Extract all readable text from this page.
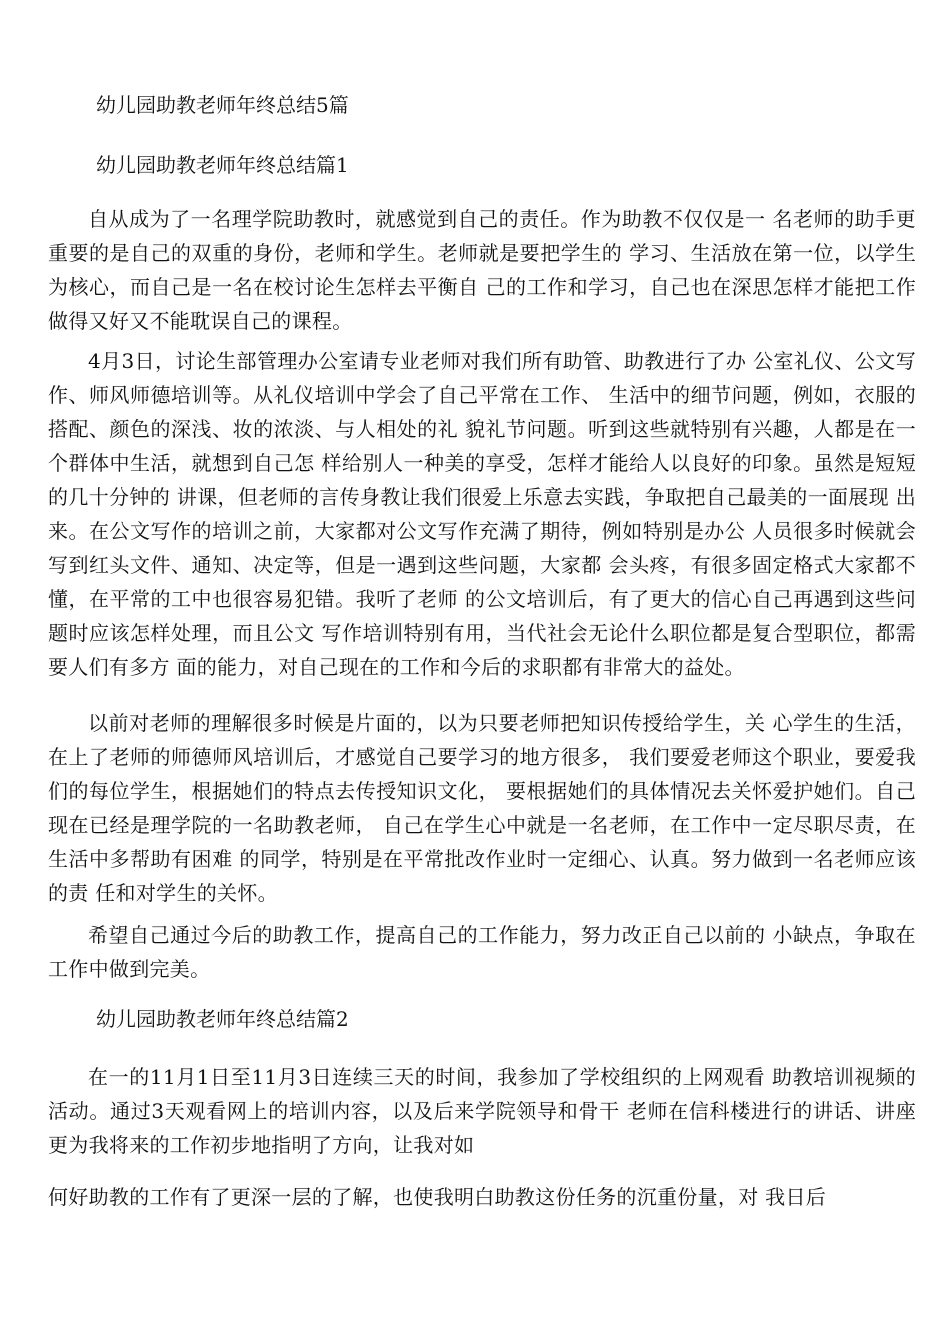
幼儿园助教老师年终总结5篇

幼儿园助教老师年终总结篇1

自从成为了一名理学院助教时，就感觉到自己的责任。作为助教不仅仅是一 名老师的助手更重要的是自己的双重的身份，老师和学生。老师就是要把学生的 学习、生活放在第一位，以学生为核心，而自己是一名在校讨论生怎样去平衡自 己的工作和学习，自己也在深思怎样才能把工作做得又好又不能耽误自己的课程。

4月3日，讨论生部管理办公室请专业老师对我们所有助管、助教进行了办 公室礼仪、公文写作、师风师德培训等。从礼仪培训中学会了自己平常在工作、 生活中的细节问题，例如，衣服的搭配、颜色的深浅、妆的浓淡、与人相处的礼 貌礼节问题。听到这些就特别有兴趣，人都是在一个群体中生活，就想到自己怎 样给别人一种美的享受，怎样才能给人以良好的印象。虽然是短短的几十分钟的 讲课，但老师的言传身教让我们很爱上乐意去实践，争取把自己最美的一面展现 出来。在公文写作的培训之前，大家都对公文写作充满了期待，例如特别是办公 人员很多时候就会写到红头文件、通知、决定等，但是一遇到这些问题，大家都 会头疼，有很多固定格式大家都不懂，在平常的工中也很容易犯错。我听了老师 的公文培训后，有了更大的信心自己再遇到这些问题时应该怎样处理，而且公文 写作培训特别有用，当代社会无论什么职位都是复合型职位，都需要人们有多方 面的能力，对自己现在的工作和今后的求职都有非常大的益处。

以前对老师的理解很多时候是片面的，以为只要老师把知识传授给学生，关 心学生的生活，在上了老师的师德师风培训后，才感觉自己要学习的地方很多， 我们要爱老师这个职业，要爱我们的每位学生，根据她们的特点去传授知识文化， 要根据她们的具体情况去关怀爱护她们。自己现在已经是理学院的一名助教老师， 自己在学生心中就是一名老师，在工作中一定尽职尽责，在生活中多帮助有困难 的同学，特别是在平常批改作业时一定细心、认真。努力做到一名老师应该的责 任和对学生的关怀。

希望自己通过今后的助教工作，提高自己的工作能力，努力改正自己以前的 小缺点，争取在工作中做到完美。

幼儿园助教老师年终总结篇2

在一的11月1日至11月3日连续三天的时间，我参加了学校组织的上网观看 助教培训视频的活动。通过3天观看网上的培训内容，以及后来学院领导和骨干 老师在信科楼进行的讲话、讲座更为我将来的工作初步地指明了方向，让我对如

何好助教的工作有了更深一层的了解，也使我明白助教这份任务的沉重份量，对 我日后
